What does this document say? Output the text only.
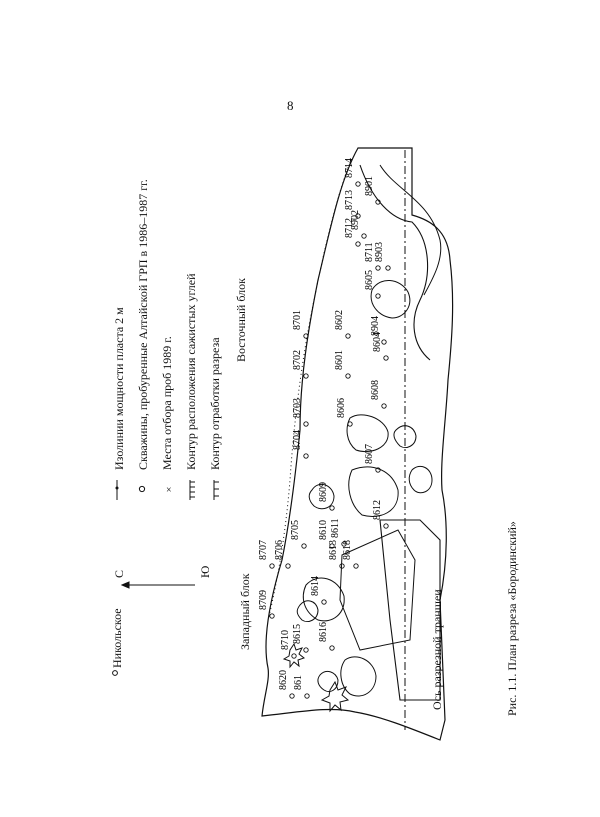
8
×
Изолинии мощности пласта 2 м Скважины, пробуренные Алтайской ГРП в 1986–1987 гг. Места отбора проб 1989 г. Контур расположения сажистых углей Контур отработки разреза
Никольское
С	Ю
Западный блок
Восточный блок
Ось разрезной траншеи	Рис. 1.1. План разреза «Бородинский»
8620 861
8710 8615
8709
8707 8706
8705
8616
8614
8613
8610
8618
8611
8609
8612
8704
8703	8606
8607
8608
8702	8601
8604
8701	8602
8605
8711
8712
8713
8714
8902
8903
8901
8904
